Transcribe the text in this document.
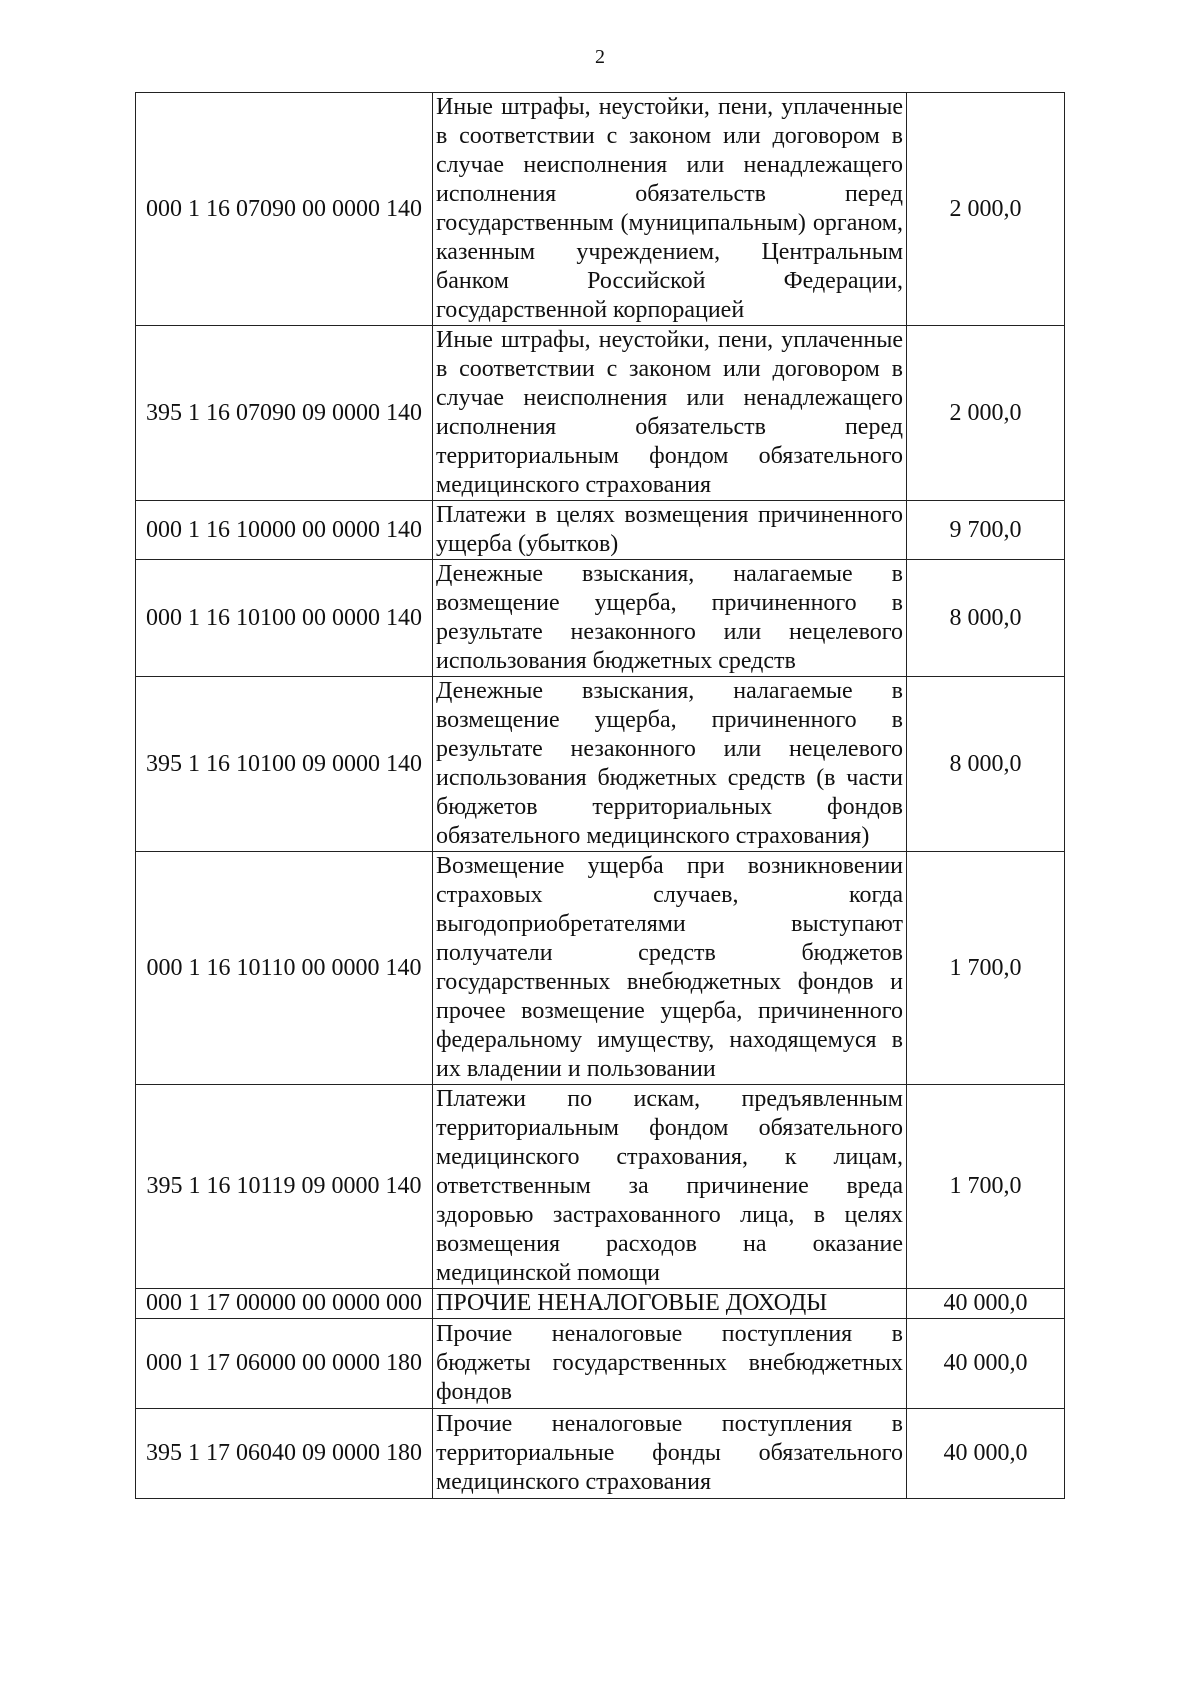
2
000 1 16 07090 00 0000 140	Иные штрафы, неустойки, пени, уплаченные в соответствии с законом или договором в случае неисполнения или ненадлежащего исполнения обязательств перед государственным (муниципальным) органом, казенным учреждением, Центральным банком Российской Федерации, государственной корпорацией	2 000,0
395 1 16 07090 09 0000 140	Иные штрафы, неустойки, пени, уплаченные в соответствии с законом или договором в случае неисполнения или ненадлежащего исполнения обязательств перед территориальным фондом обязательного медицинского страхования	2 000,0
000 1 16 10000 00 0000 140	Платежи в целях возмещения причиненного ущерба (убытков)	9 700,0
000 1 16 10100 00 0000 140	Денежные взыскания, налагаемые в возмещение ущерба, причиненного в результате незаконного или нецелевого использования бюджетных средств	8 000,0
395 1 16 10100 09 0000 140	Денежные взыскания, налагаемые в возмещение ущерба, причиненного в результате незаконного или нецелевого использования бюджетных средств (в части бюджетов территориальных фондов обязательного медицинского страхования)	8 000,0
000 1 16 10110 00 0000 140	Возмещение ущерба при возникновении страховых случаев, когда выгодоприобретателями выступают получатели средств бюджетов государственных внебюджетных фондов и прочее возмещение ущерба, причиненного федеральному имуществу, находящемуся в их владении и пользовании	1 700,0
395 1 16 10119 09 0000 140	Платежи по искам, предъявленным территориальным фондом обязательного медицинского страхования, к лицам, ответственным за причинение вреда здоровью застрахованного лица, в целях возмещения расходов на оказание медицинской помощи	1 700,0
000 1 17 00000 00 0000 000	ПРОЧИЕ НЕНАЛОГОВЫЕ ДОХОДЫ	40 000,0
000 1 17 06000 00 0000 180	Прочие неналоговые поступления в бюджеты государственных внебюджетных фондов	40 000,0
395 1 17 06040 09 0000 180	Прочие неналоговые поступления в территориальные фонды обязательного медицинского страхования	40 000,0
